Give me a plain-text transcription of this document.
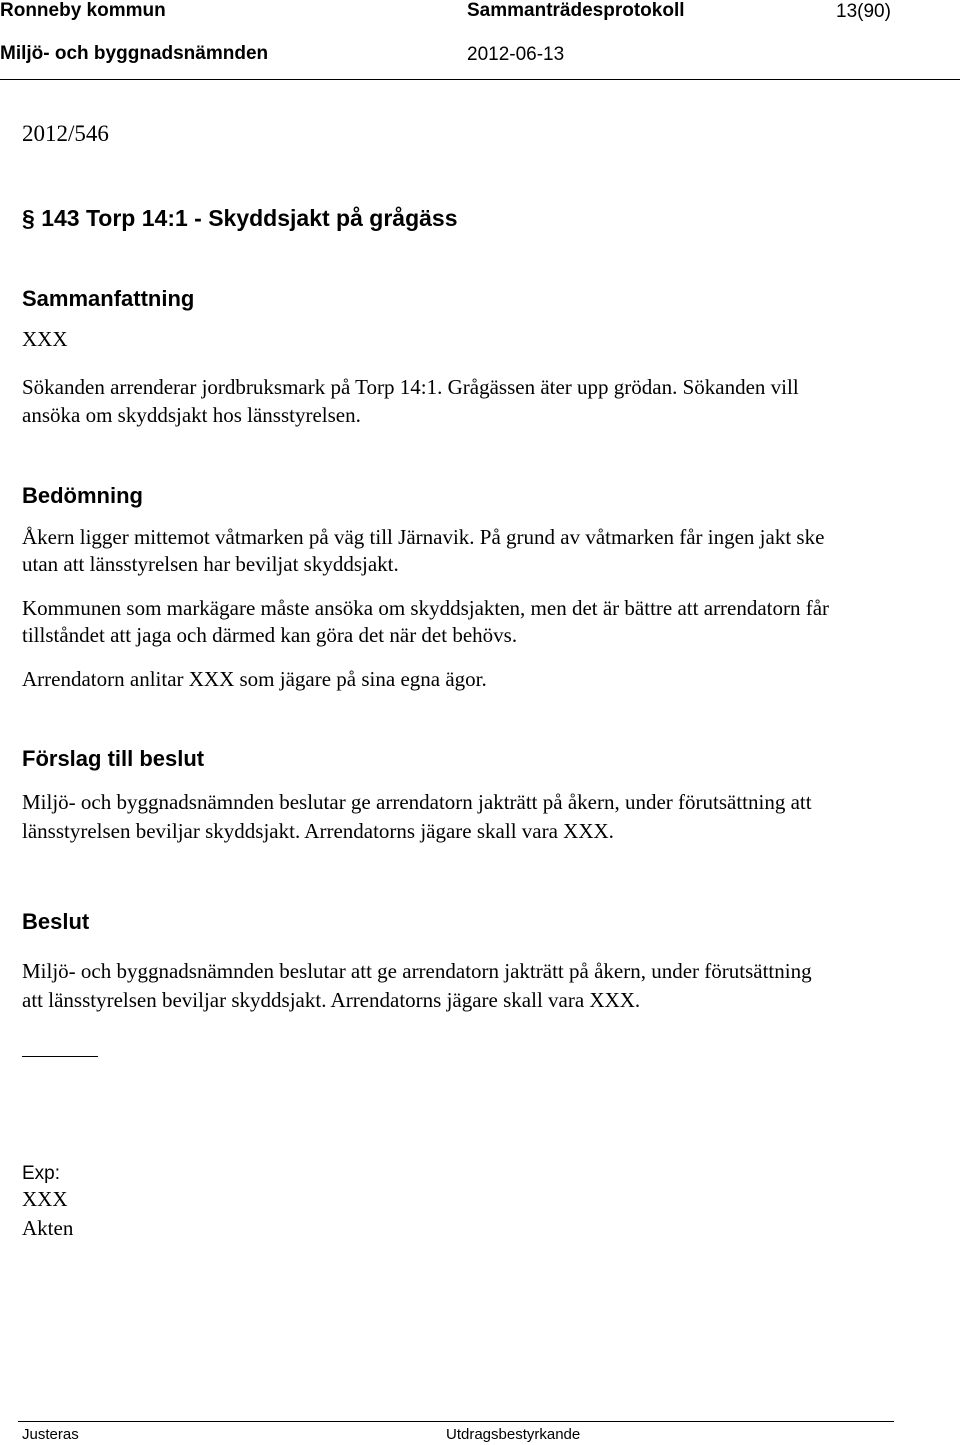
Ronneby kommun	Sammanträdesprotokoll	13(90)
Miljö- och byggnadsnämnden	2012-06-13
2012/546
§ 143 Torp 14:1 - Skyddsjakt på grågäss
Sammanfattning
XXX
Sökanden arrenderar jordbruksmark på Torp 14:1. Grågässen äter upp grödan. Sökanden vill
ansöka om skyddsjakt hos länsstyrelsen.
Bedömning
Åkern ligger mittemot våtmarken på väg till Järnavik. På grund av våtmarken får ingen jakt ske
utan att länsstyrelsen har beviljat skyddsjakt.
Kommunen som markägare måste ansöka om skyddsjakten, men det är bättre att arrendatorn får
tillståndet att jaga och därmed kan göra det när det behövs.
Arrendatorn anlitar XXX som jägare på sina egna ägor.
Förslag till beslut
Miljö- och byggnadsnämnden beslutar ge arrendatorn jakträtt på åkern, under förutsättning att
länsstyrelsen beviljar skyddsjakt. Arrendatorns jägare skall vara XXX.
Beslut
Miljö- och byggnadsnämnden beslutar att ge arrendatorn jakträtt på åkern, under förutsättning
att länsstyrelsen beviljar skyddsjakt. Arrendatorns jägare skall vara XXX.
Exp:
XXX
Akten
Justeras	Utdragsbestyrkande
